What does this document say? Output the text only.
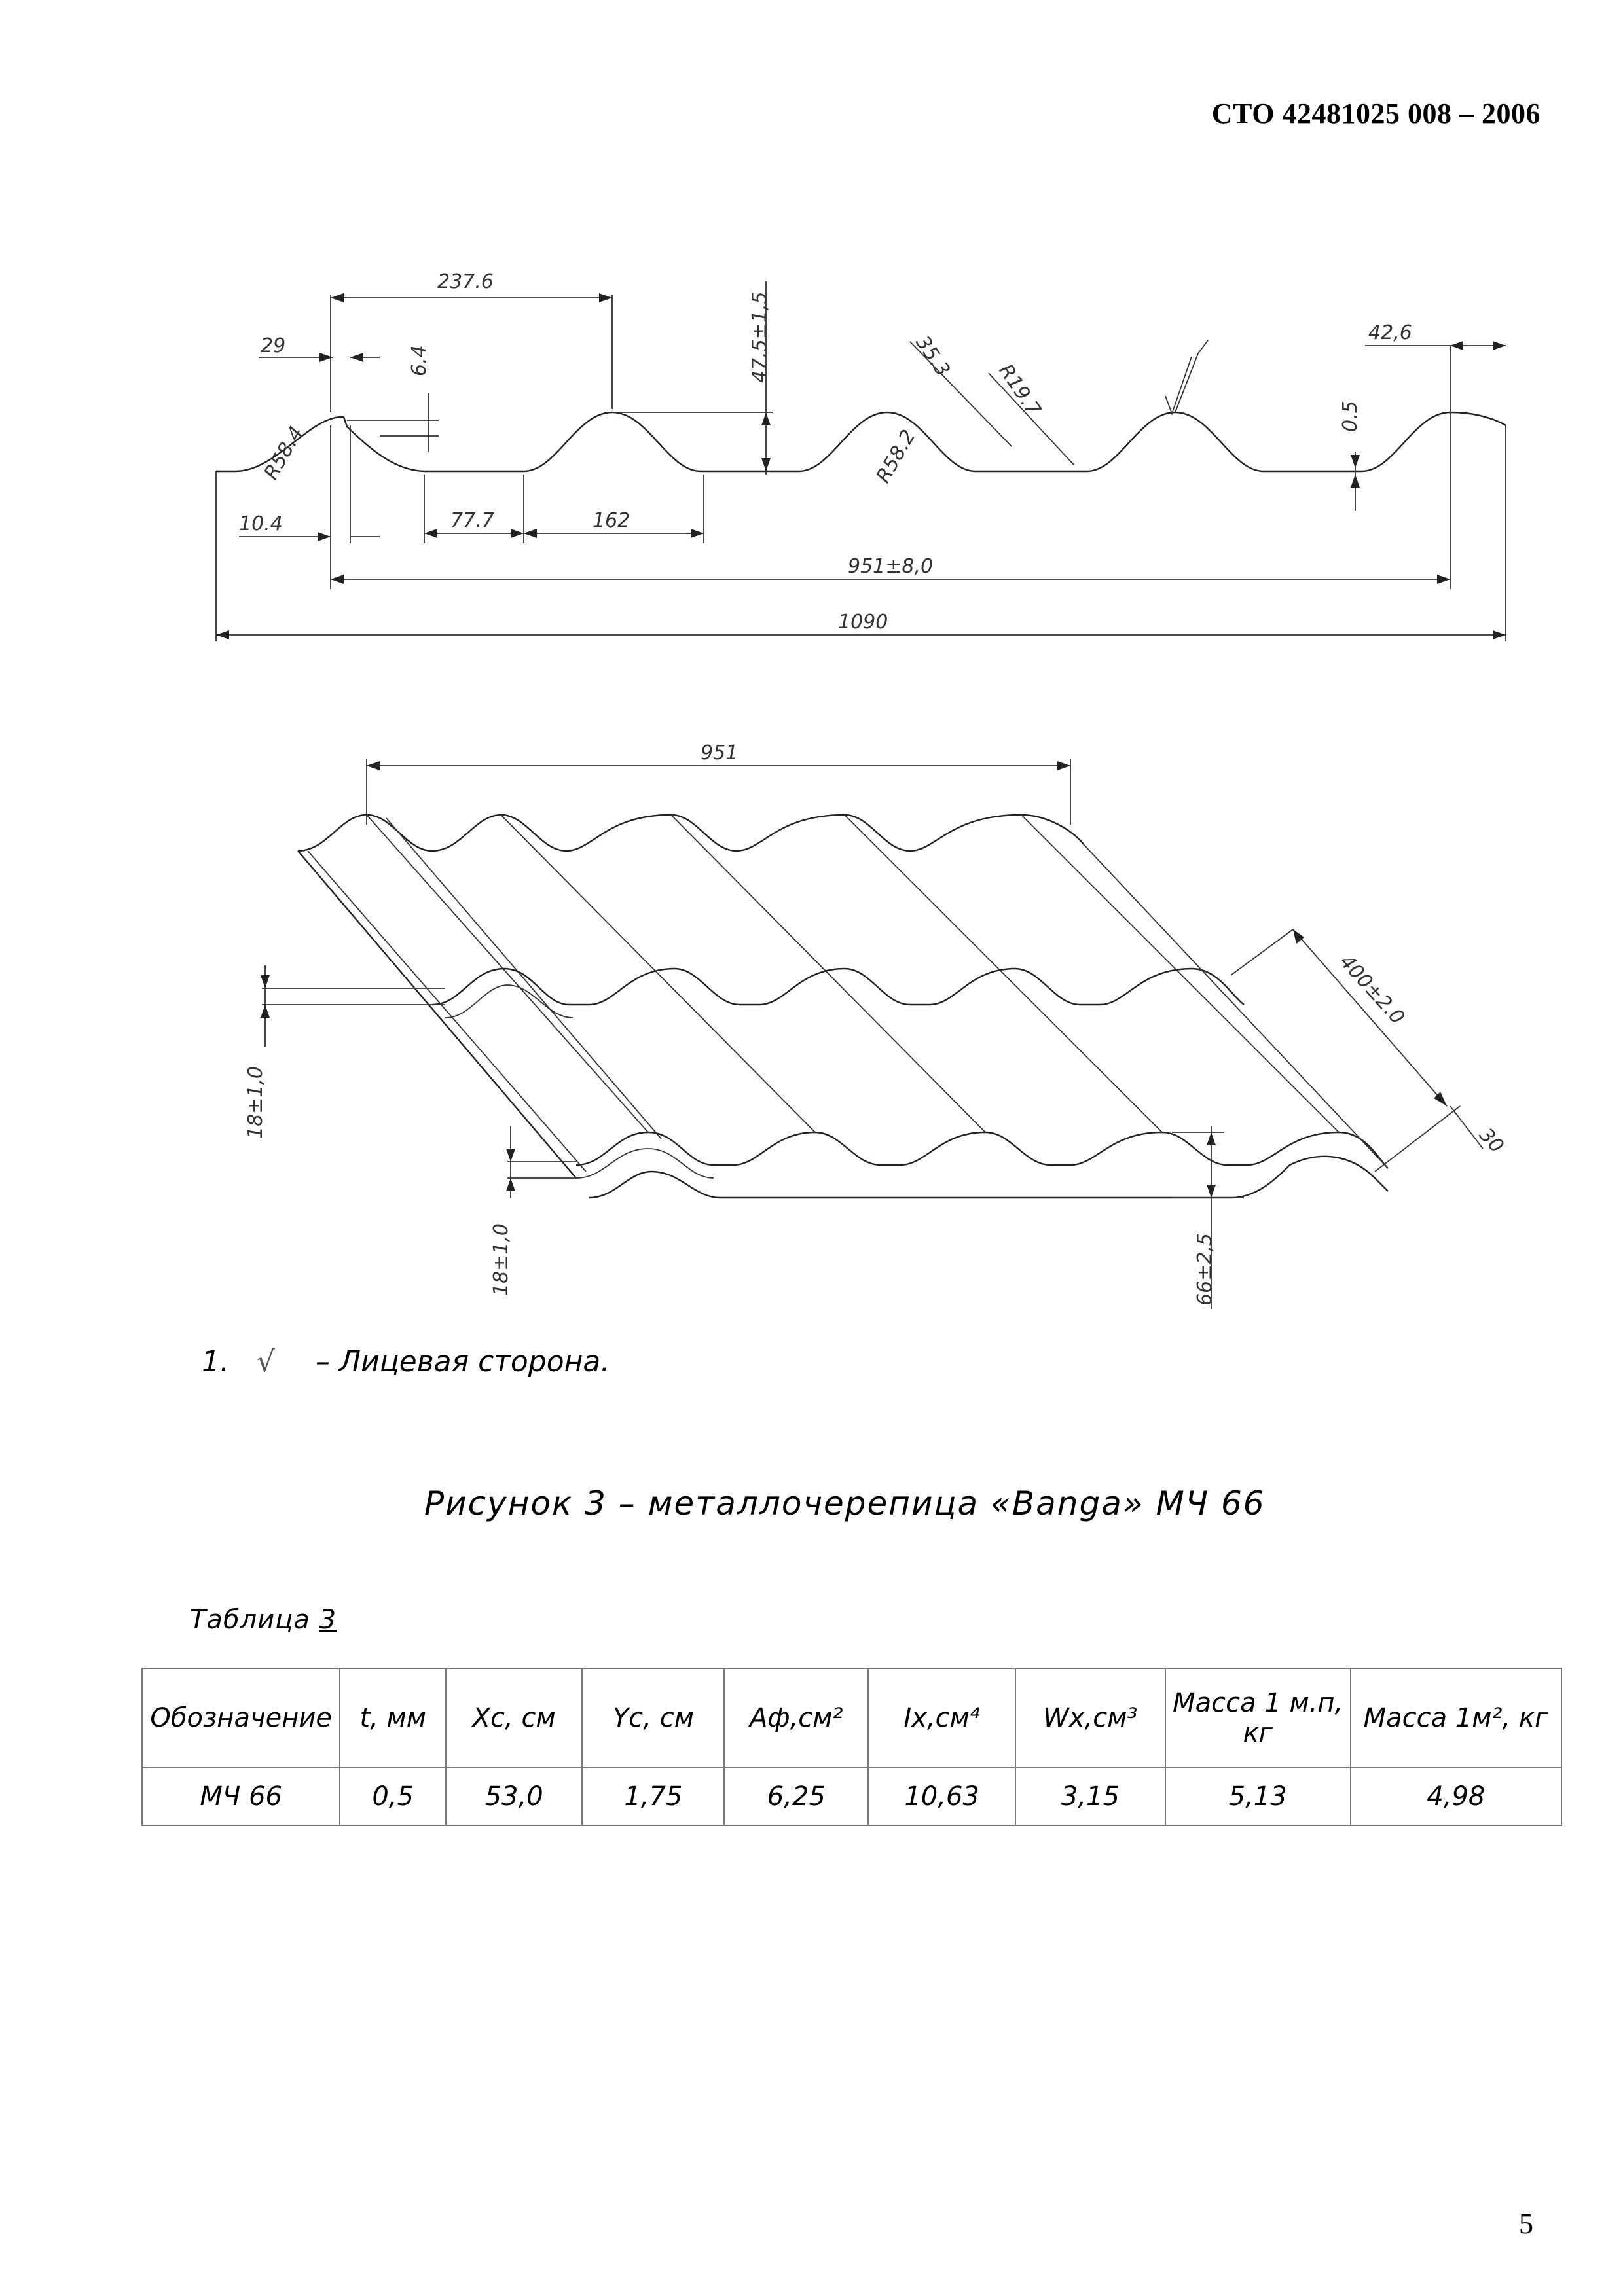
СТО 42481025 008 – 2006
237.6
29	6.4	47.5±1,5	35.3
R19.7
42,6
R58.4	R58.2
0.5
10.4	77.7	162
951±8,0
1090
951
400±2.0
30
18±1,0
18±1,0	66±2,5
1. √ – Лицевая сторона.
Рисунок 3 – металлочерепица «Banga» МЧ 66
Таблица 3
Обозначение	t, мм	Xc, см	Yc, см	Aф,см²	Ix,см⁴	Wx,см³	Масса 1 м.п, кг	Масса 1м², кг
МЧ 66	0,5	53,0	1,75	6,25	10,63	3,15	5,13	4,98
5
